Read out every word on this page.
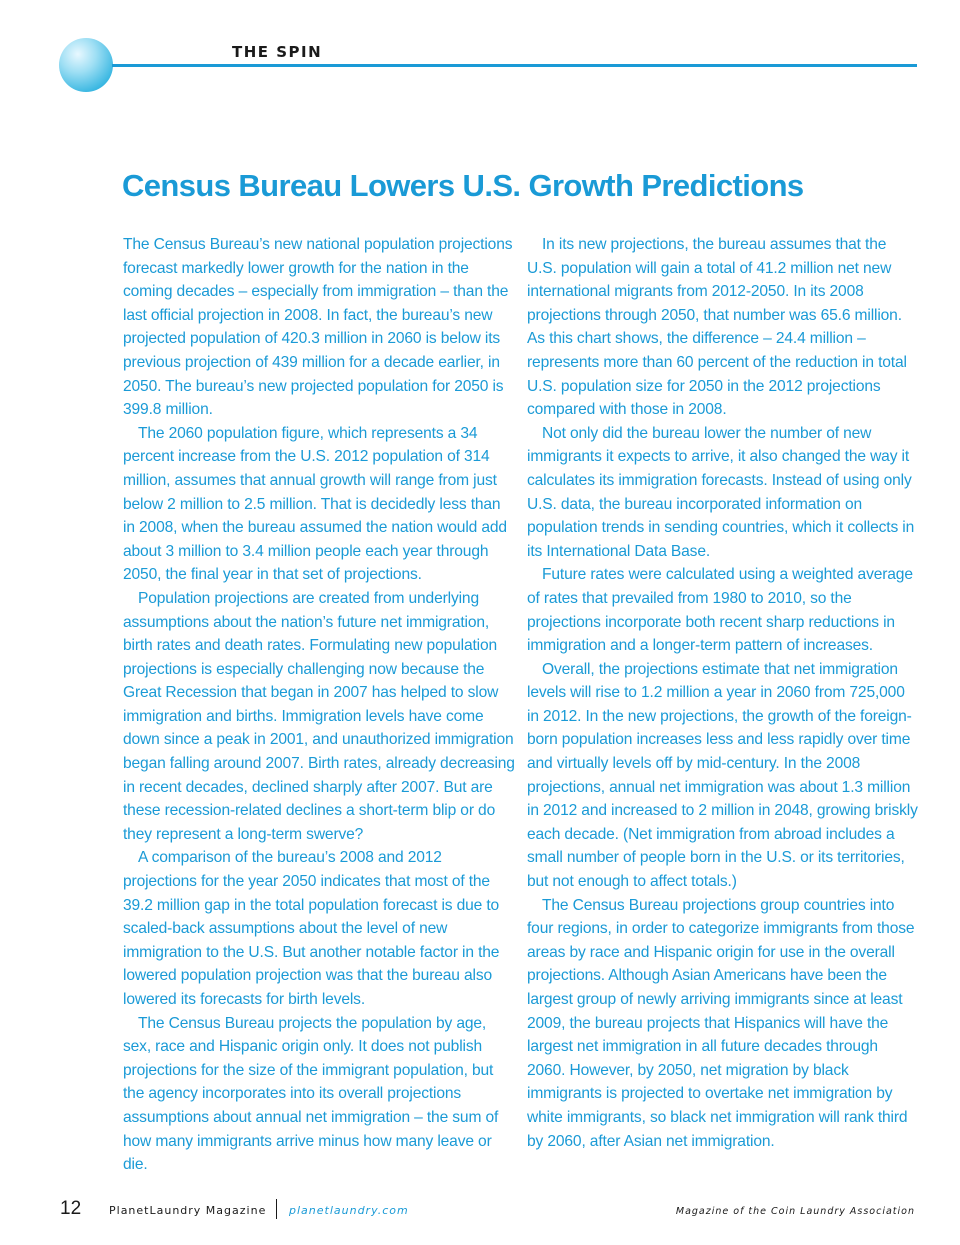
THE SPIN
Census Bureau Lowers U.S. Growth Predictions

The Census Bureau’s new national population projections forecast markedly lower growth for the nation in the coming decades – especially from immigration – than the last official projection in 2008. In fact, the bureau’s new projected population of 420.3 million in 2060 is below its previous projection of 439 million for a decade earlier, in 2050. The bureau’s new projected population for 2050 is 399.8 million.

The 2060 population figure, which represents a 34 percent increase from the U.S. 2012 population of 314 million, assumes that annual growth will range from just below 2 million to 2.5 million. That is decidedly less than in 2008, when the bureau assumed the nation would add about 3 million to 3.4 million people each year through 2050, the final year in that set of projections.

Population projections are created from underlying assumptions about the nation’s future net immigration, birth rates and death rates. Formulating new population projections is especially challenging now because the Great Recession that began in 2007 has helped to slow immigration and births. Immigration levels have come down since a peak in 2001, and unauthorized immigration began falling around 2007. Birth rates, already decreasing in recent decades, declined sharply after 2007. But are these recession-related declines a short-term blip or do they represent a long-term swerve?

A comparison of the bureau’s 2008 and 2012 projections for the year 2050 indicates that most of the 39.2 million gap in the total population forecast is due to scaled-back assumptions about the level of new immigration to the U.S. But another notable factor in the lowered population projection was that the bureau also lowered its forecasts for birth levels.

The Census Bureau projects the population by age, sex, race and Hispanic origin only. It does not publish projections for the size of the immigrant population, but the agency incorporates into its overall projections assumptions about annual net immigration – the sum of how many immigrants arrive minus how many leave or die.

In its new projections, the bureau assumes that the U.S. population will gain a total of 41.2 million net new international migrants from 2012-2050. In its 2008 projections through 2050, that number was 65.6 million. As this chart shows, the difference – 24.4 million – represents more than 60 percent of the reduction in total U.S. population size for 2050 in the 2012 projections compared with those in 2008.

Not only did the bureau lower the number of new immigrants it expects to arrive, it also changed the way it calculates its immigration forecasts. Instead of using only U.S. data, the bureau incorporated information on population trends in sending countries, which it collects in its International Data Base.

Future rates were calculated using a weighted average of rates that prevailed from 1980 to 2010, so the projections incorporate both recent sharp reductions in immigration and a longer-term pattern of increases.

Overall, the projections estimate that net immigration levels will rise to 1.2 million a year in 2060 from 725,000 in 2012. In the new projections, the growth of the foreign-born population increases less and less rapidly over time and virtually levels off by mid-century. In the 2008 projections, annual net immigration was about 1.3 million in 2012 and increased to 2 million in 2048, growing briskly each decade. (Net immigration from abroad includes a small number of people born in the U.S. or its territories, but not enough to affect totals.)

The Census Bureau projections group countries into four regions, in order to categorize immigrants from those areas by race and Hispanic origin for use in the overall projections. Although Asian Americans have been the largest group of newly arriving immigrants since at least 2009, the bureau projects that Hispanics will have the largest net immigration in all future decades through 2060. However, by 2050, net migration by black immigrants is projected to overtake net immigration by white immigrants, so black net immigration will rank third by 2060, after Asian net immigration.

12	PlanetLaundry Magazine planetlaundry.com	Magazine of the Coin Laundry Association
